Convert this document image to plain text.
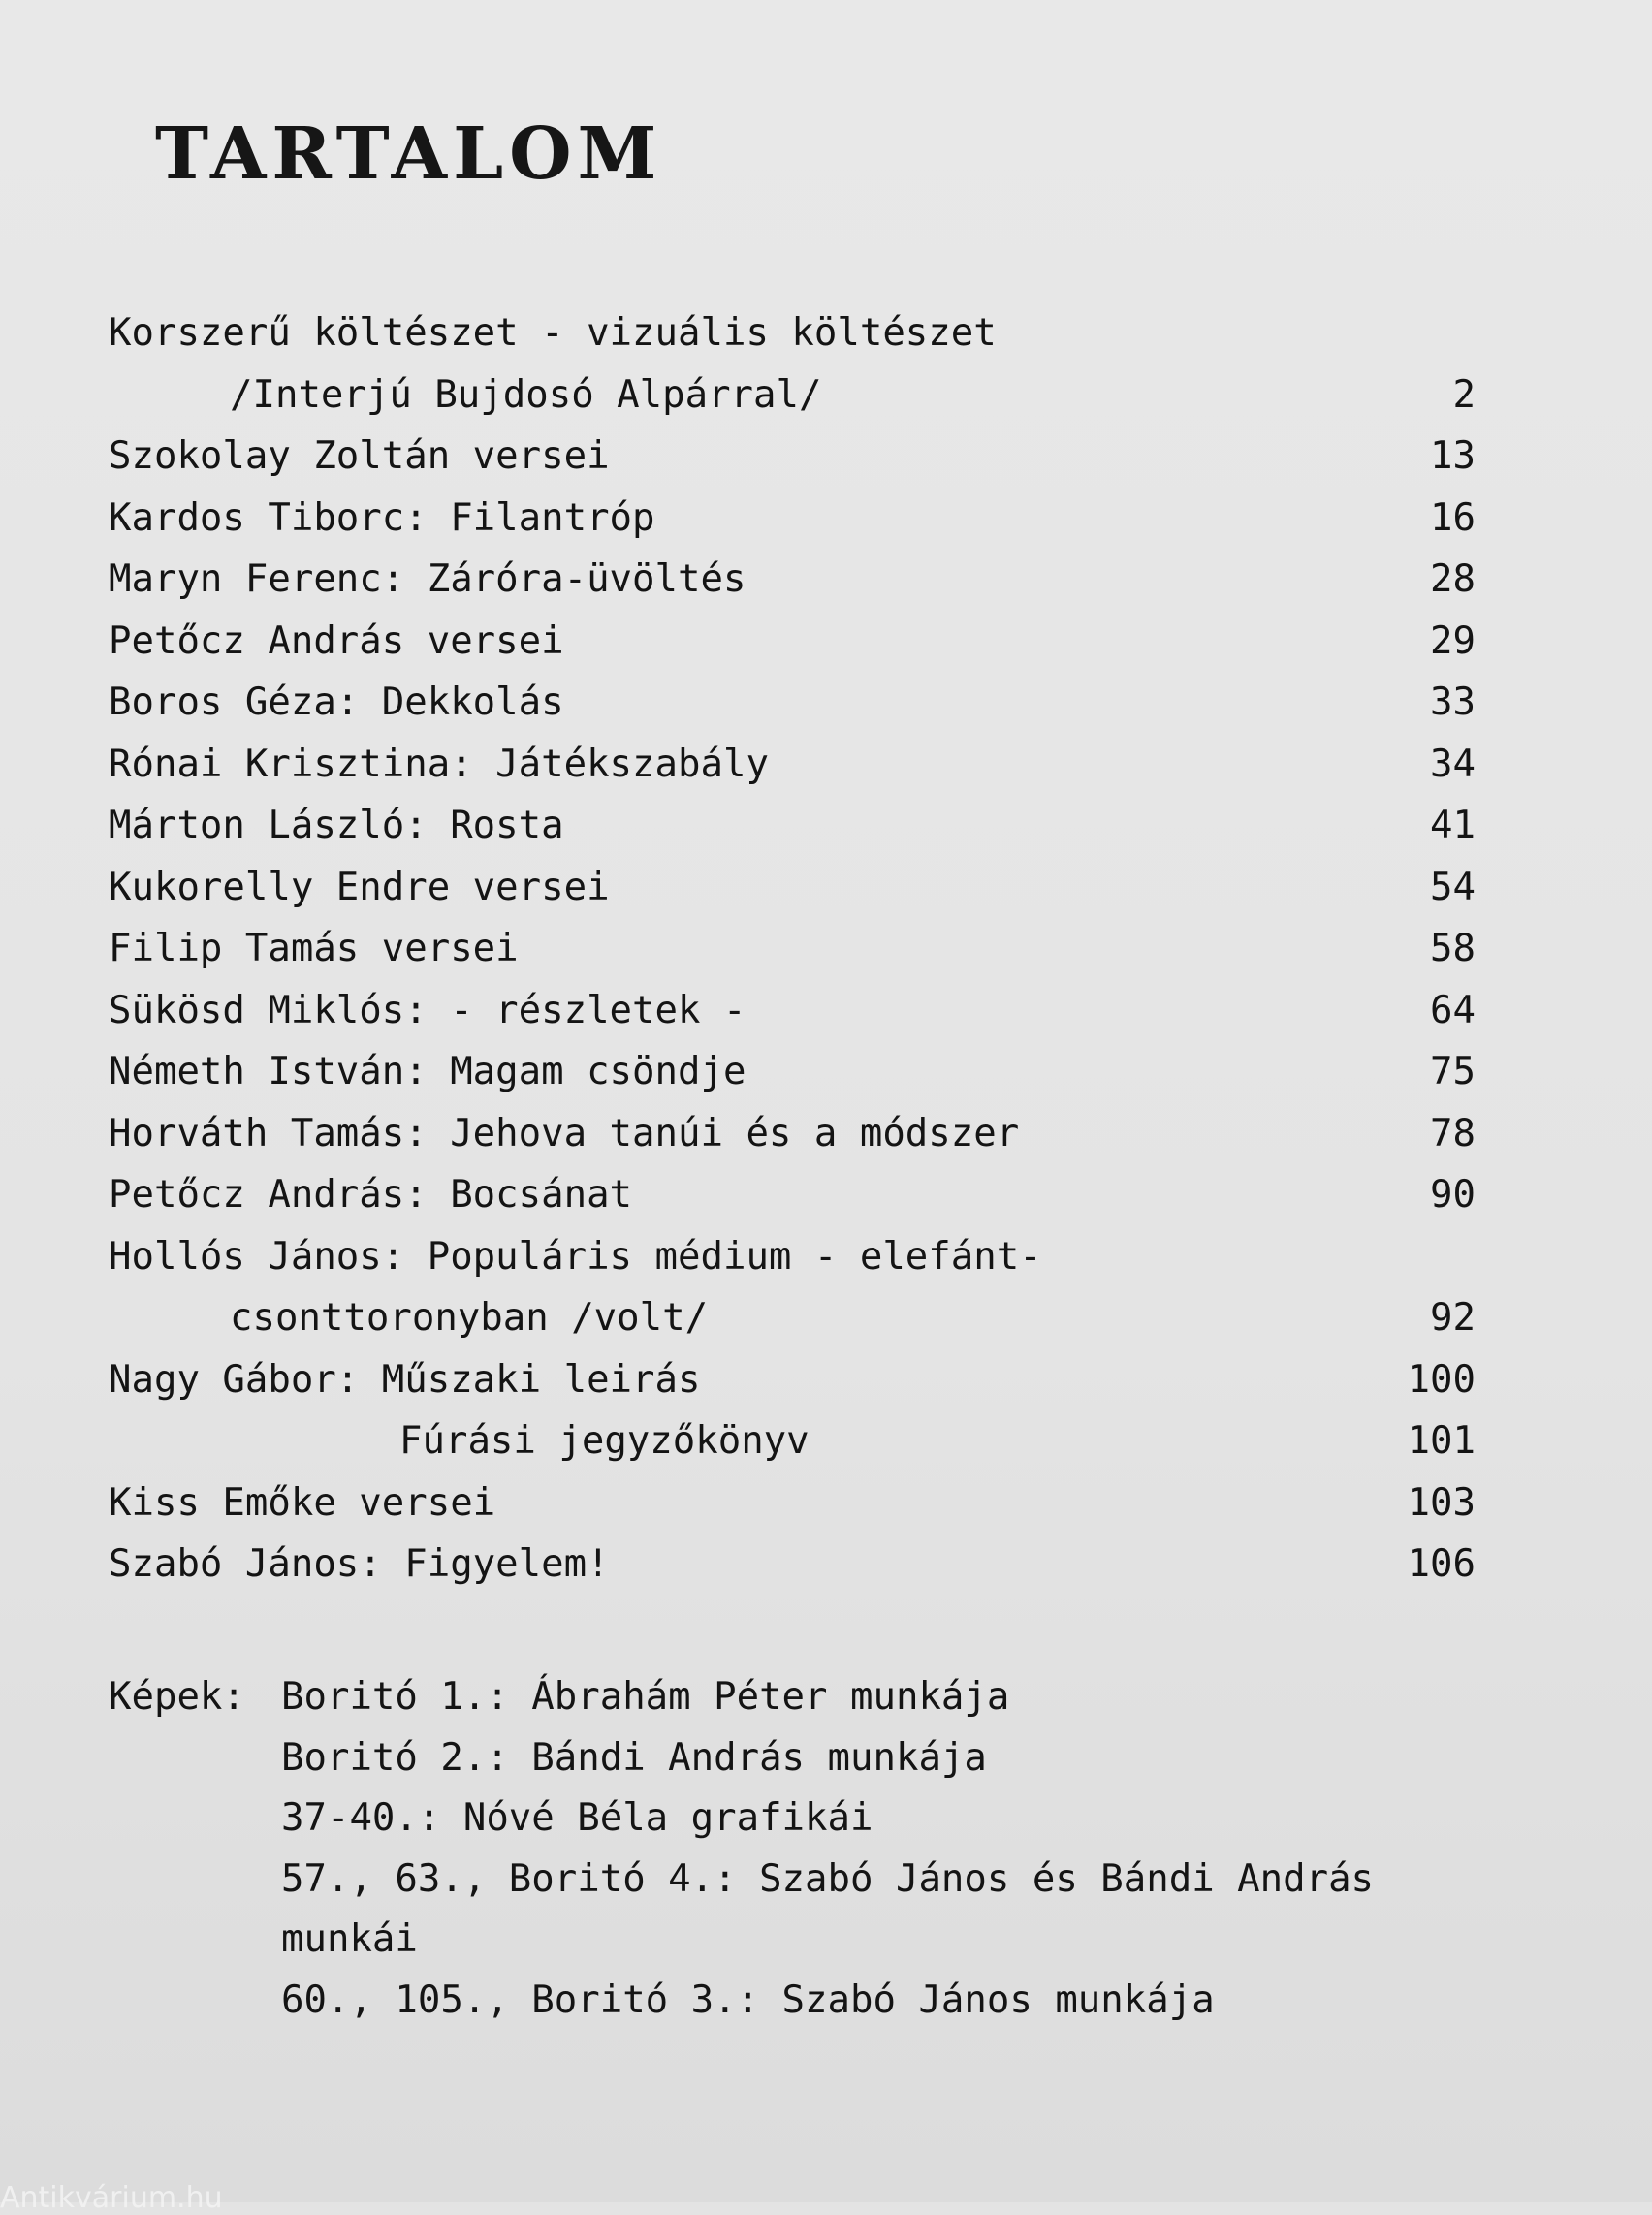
TARTALOM
Korszerű költészet - vizuális költészet
/Interjú Bujdosó Alpárral/	2
Szokolay Zoltán versei	13
Kardos Tiborc: Filantróp	16
Maryn Ferenc: Záróra-üvöltés	28
Petőcz András versei	29
Boros Géza: Dekkolás	33
Rónai Krisztina: Játékszabály	34
Márton László: Rosta	41
Kukorelly Endre versei	54
Filip Tamás versei	58
Sükösd Miklós: - részletek -	64
Németh István: Magam csöndje	75
Horváth Tamás: Jehova tanúi és a módszer	78
Petőcz András: Bocsánat	90
Hollós János: Populáris médium - elefánt-
csonttoronyban /volt/	92
Nagy Gábor: Műszaki leirás	100
Fúrási jegyzőkönyv	101
Kiss Emőke versei	103
Szabó János: Figyelem!	106
Képek: Boritó 1.: Ábrahám Péter munkája
Boritó 2.: Bándi András munkája
37-40.: Nóvé Béla grafikái
57., 63., Boritó 4.: Szabó János és Bándi András
munkái
60., 105., Boritó 3.: Szabó János munkája
Antikvárium.hu
